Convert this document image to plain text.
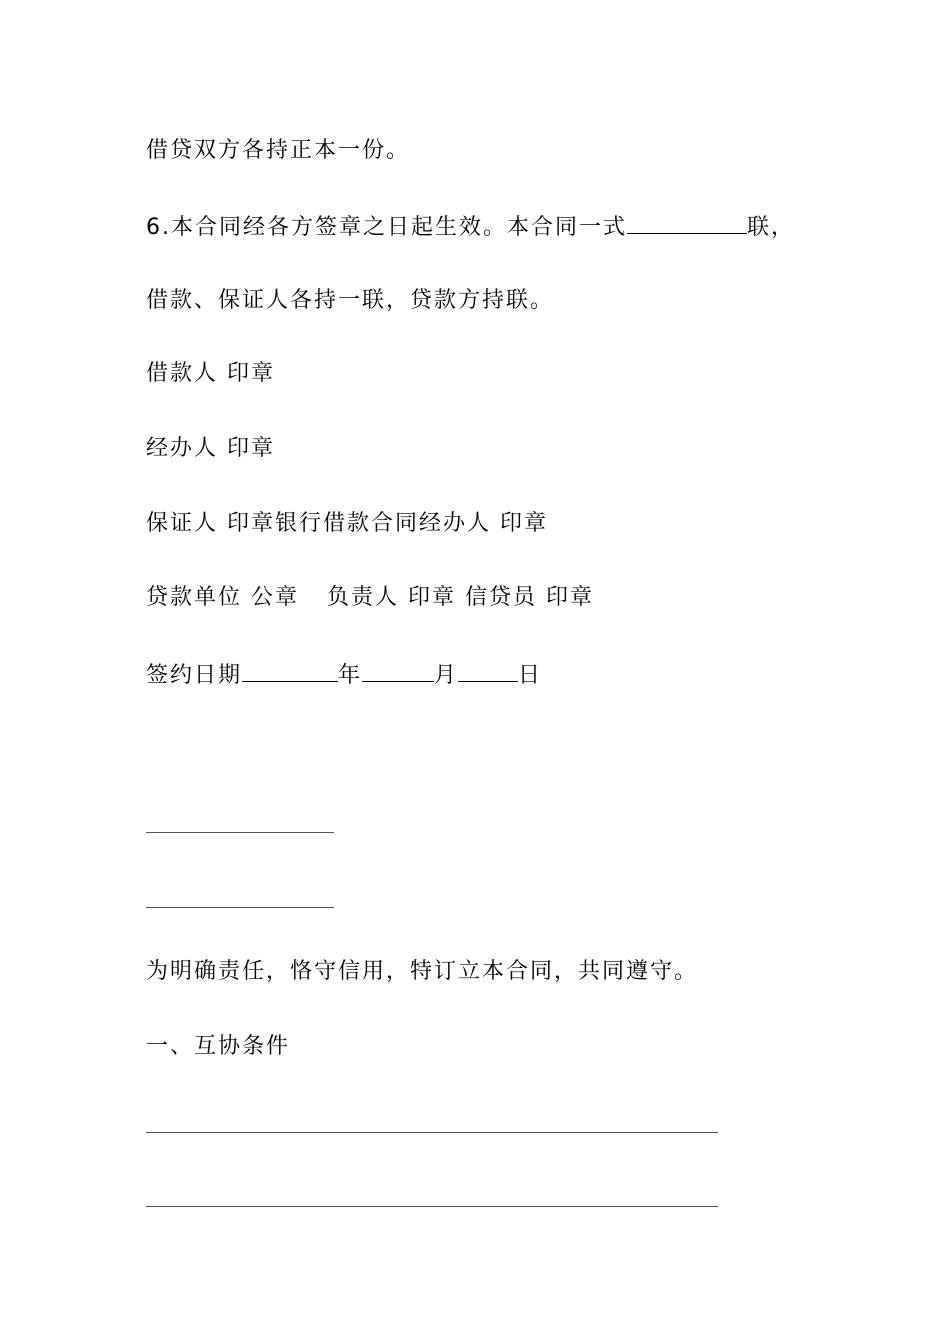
借贷双方各持正本一份。
6.本合同经各方签章之日起生效。本合同一式	联，
借款、保证人各持一联，贷款方持联。
借款人 印章
经办人 印章
保证人 印章银行借款合同经办人 印章
贷款单位 公章 负责人 印章 信贷员 印章
签约日期	年	月	日
为明确责任，恪守信用，特订立本合同，共同遵守。
一、互协条件
